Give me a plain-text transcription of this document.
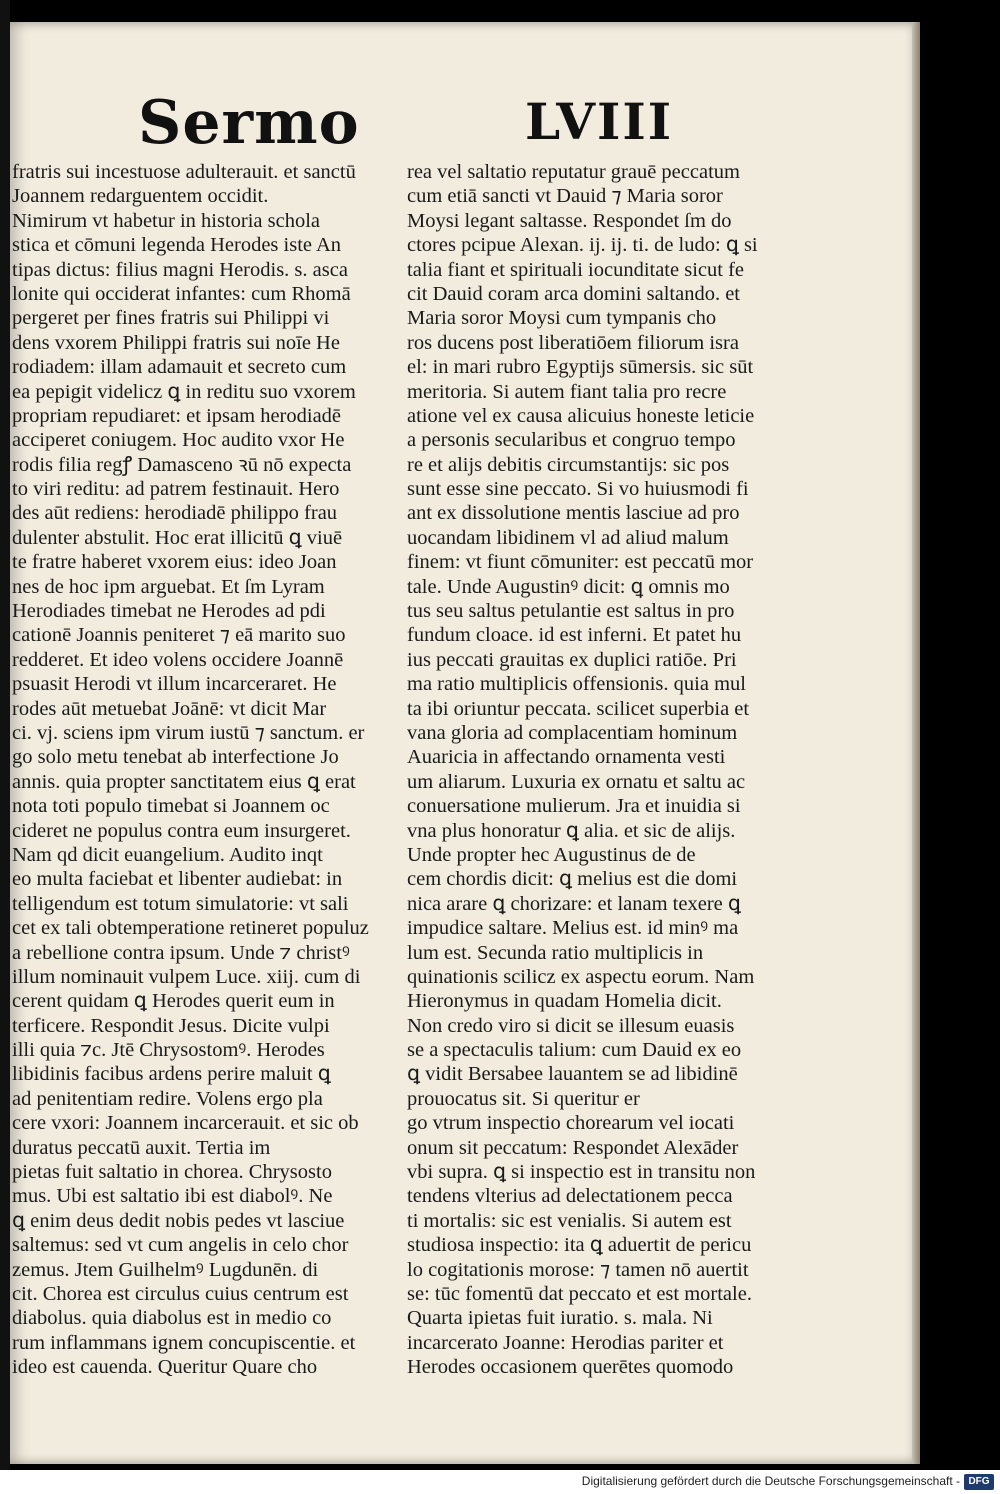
Sermo	LVIII
fratris sui incestuose adulterauit. et sanctū
Joannem redarguentem occidit.
Nimirum vt habetur in historia schola
stica et cōmuni legenda Herodes iste An
tipas dictus: filius magni Herodis. s. asca
lonite qui occiderat infantes: cum Rhomā
pergeret per fines fratris sui Philippi vi
dens vxorem Philippi fratris sui noīe He
rodiadem: illam adamauit et secreto cum
ea pepigit videlicz ꝗ in reditu suo vxorem
propriam repudiaret: et ipsam herodiadē
acciperet coniugem. Hoc audito vxor He
rodis filia regꝭ Damasceno ꝛū nō expecta
to viri reditu: ad patrem festinauit. Hero
des aūt rediens: herodiadē philippo frau
dulenter abstulit. Hoc erat illicitū ꝗ viuē
te fratre haberet vxorem eius: ideo Joan
nes de hoc ipm arguebat. Et ſm Lyram
Herodiades timebat ne Herodes ad pdi
cationē Joannis peniteret ⁊ eā marito suo
redderet. Et ideo volens occidere Joannē
psuasit Herodi vt illum incarceraret. He
rodes aūt metuebat Joānē: vt dicit Mar
ci. vj. sciens ipm virum iustū ⁊ sanctum. er
go solo metu tenebat ab interfectione Jo
annis. quia propter sanctitatem eius ꝗ erat
nota toti populo timebat si Joannem oc
cideret ne populus contra eum insurgeret.
Nam qd dicit euangelium. Audito inqt
eo multa faciebat et libenter audiebat: in
telligendum est totum simulatorie: vt sali
cet ex tali obtemperatione retineret populuz
a rebellione contra ipsum. Unde ⁊ christꝰ
illum nominauit vulpem Luce. xiij. cum di
cerent quidam ꝗ Herodes querit eum in
terficere. Respondit Jesus. Dicite vulpi
illi quia ⁊c. Jtē Chrysostomꝰ. Herodes
libidinis facibus ardens perire maluit ꝗ
ad penitentiam redire. Volens ergo pla
cere vxori: Joannem incarcerauit. et sic ob
duratus peccatū auxit. Tertia im
pietas fuit saltatio in chorea. Chrysosto
mus. Ubi est saltatio ibi est diabolꝰ. Ne
ꝗ enim deus dedit nobis pedes vt lasciue
saltemus: sed vt cum angelis in celo chor
zemus. Jtem Guilhelmꝰ Lugdunēn. di
cit. Chorea est circulus cuius centrum est
diabolus. quia diabolus est in medio co
rum inflammans ignem concupiscentie. et
ideo est cauenda. Queritur Quare cho
rea vel saltatio reputatur grauē peccatum
cum etiā sancti vt Dauid ⁊ Maria soror
Moysi legant saltasse. Respondet ſm do
ctores pcipue Alexan. ij. ij. ti. de ludo: ꝗ si
talia fiant et spirituali iocunditate sicut fe
cit Dauid coram arca domini saltando. et
Maria soror Moysi cum tympanis cho
ros ducens post liberatiōem filiorum isra
el: in mari rubro Egyptijs sūmersis. sic sūt
meritoria. Si autem fiant talia pro recre
atione vel ex causa alicuius honeste leticie
a personis secularibus et congruo tempo
re et alijs debitis circumstantijs: sic pos
sunt esse sine peccato. Si vo huiusmodi fi
ant ex dissolutione mentis lasciue ad pro
uocandam libidinem vl ad aliud malum
finem: vt fiunt cōmuniter: est peccatū mor
tale. Unde Augustinꝰ dicit: ꝗ omnis mo
tus seu saltus petulantie est saltus in pro
fundum cloace. id est inferni. Et patet hu
ius peccati grauitas ex duplici ratiōe. Pri
ma ratio multiplicis offensionis. quia mul
ta ibi oriuntur peccata. scilicet superbia et
vana gloria ad complacentiam hominum
Auaricia in affectando ornamenta vesti
um aliarum. Luxuria ex ornatu et saltu ac
conuersatione mulierum. Jra et inuidia si
vna plus honoratur ꝗ alia. et sic de alijs.
Unde propter hec Augustinus de de
cem chordis dicit: ꝗ melius est die domi
nica arare ꝗ chorizare: et lanam texere ꝗ
impudice saltare. Melius est. id minꝰ ma
lum est. Secunda ratio multiplicis in
quinationis scilicz ex aspectu eorum. Nam
Hieronymus in quadam Homelia dicit.
Non credo viro si dicit se illesum euasis
se a spectaculis talium: cum Dauid ex eo
ꝗ vidit Bersabee lauantem se ad libidinē
prouocatus sit. Si queritur er
go vtrum inspectio chorearum vel iocati
onum sit peccatum: Respondet Alexāder
vbi supra. ꝗ si inspectio est in transitu non
tendens vlterius ad delectationem pecca
ti mortalis: sic est venialis. Si autem est
studiosa inspectio: ita ꝗ aduertit de pericu
lo cogitationis morose: ⁊ tamen nō auertit
se: tūc fomentū dat peccato et est mortale.
Quarta ipietas fuit iuratio. s. mala. Ni
incarcerato Joanne: Herodias pariter et
Herodes occasionem querētes quomodo
Digitalisierung gefördert durch die Deutsche Forschungsgemeinschaft - DFG
